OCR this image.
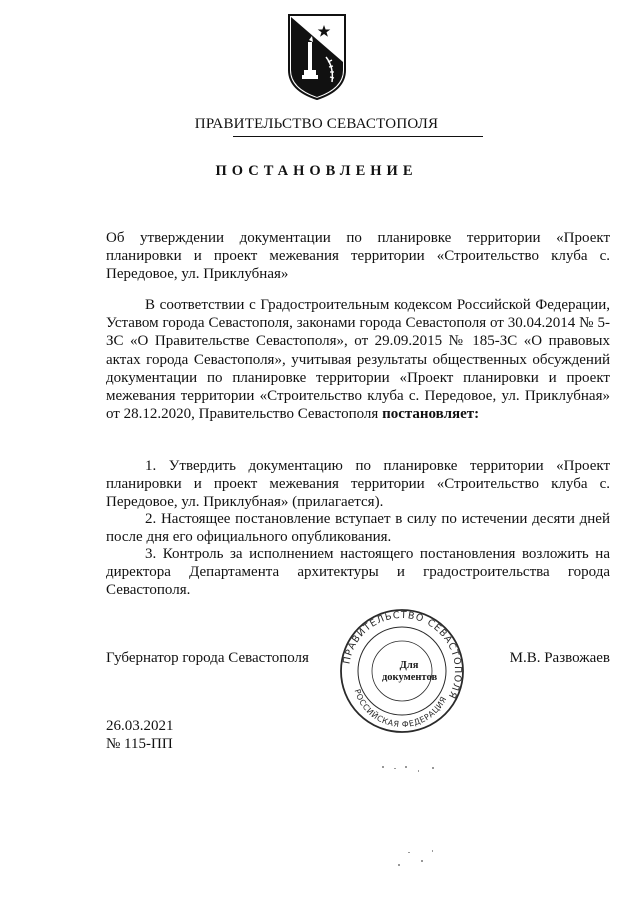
ПРАВИТЕЛЬСТВО СЕВАСТОПОЛЯ
ПОСТАНОВЛЕНИЕ
Об утверждении документации по планировке территории «Проект планировки и проект межевания территории «Строительство клуба с. Передовое, ул. Приклубная»
В соответствии с Градостроительным кодексом Российской Федерации, Уставом города Севастополя, законами города Севастополя от 30.04.2014 № 5-ЗС «О Правительстве Севастополя», от 29.09.2015 № 185-ЗС «О правовых актах города Севастополя», учитывая результаты общественных обсуждений документации по планировке территории «Проект планировки и проект межевания территории «Строительство клуба с. Передовое, ул. Приклубная» от 28.12.2020, Правительство Севастополя постановляет:
1. Утвердить документацию по планировке территории «Проект планировки и проект межевания территории «Строительство клуба с. Передовое, ул. Приклубная» (прилагается).
2. Настоящее постановление вступает в силу по истечении десяти дней после дня его официального опубликования.
3. Контроль за исполнением настоящего постановления возложить на директора Департамента архитектуры и градостроительства города Севастополя.
Губернатор города Севастополя	М.В. Развожаев
ПРАВИТЕЛЬСТВО СЕВАСТОПОЛЯ
РОССИЙСКАЯ ФЕДЕРАЦИЯ
Для
документов
26.03.2021
№ 115-ПП
